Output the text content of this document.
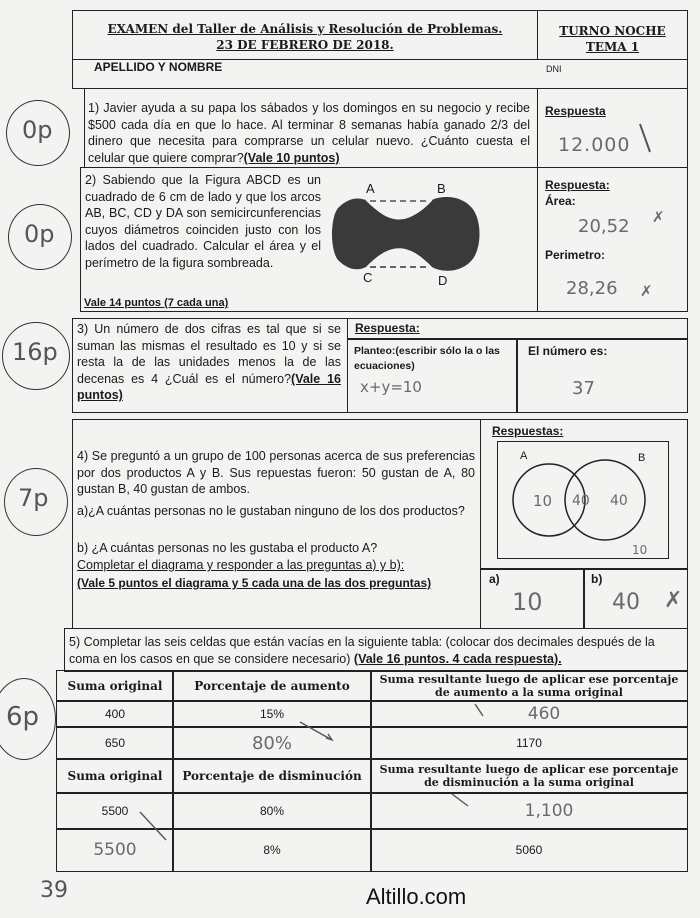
EXAMEN del Taller de Análisis y Resolución de Problemas.
23 DE FEBRERO DE 2018.
TURNO NOCHE
TEMA 1
APELLIDO Y NOMBRE	DNI
1) Javier ayuda a su papa los sábados y los domingos en su negocio y recibe $500 cada día en que lo hace. Al terminar 8 semanas había ganado 2/3 del dinero que necesita para comprarse un celular nuevo. ¿Cuánto cuesta el celular que quiere comprar?(Vale 10 puntos)
Respuesta
12.000
2) Sabiendo que la Figura ABCD es un cuadrado de 6 cm de lado y que los arcos AB, BC, CD y DA son semicircunferencias cuyos diámetros coinciden justo con los lados del cuadrado. Calcular el área y el perímetro de la figura sombreada.
Vale 14 puntos (7 cada una)
A	B
C	D
Respuesta:
Área:
20,52
Perimetro:
28,26
✗
✗
3) Un número de dos cifras es tal que si se suman las mismas el resultado es 10 y si se resta la de las unidades menos la de las decenas es 4 ¿Cuál es el número?(Vale 16 puntos)
Respuesta:
Planteo:(escribir sólo la o las ecuaciones)
El número es:
x+y=10	37
4) Se preguntó a un grupo de 100 personas acerca de sus preferencias por dos productos A y B. Sus repuestas fueron: 50 gustan de A, 80 gustan B, 40 gustan de ambos.
a)¿A cuántas personas no le gustaban ninguno de los dos productos?
b) ¿A cuántas personas no les gustaba el producto A?
Completar el diagrama y responder a las preguntas a) y b):
(Vale 5 puntos el diagrama y 5 cada una de las dos preguntas)
Respuestas:
A	B
10 40 40
10
a)	b)
10	40 ✗
5) Completar las seis celdas que están vacías en la siguiente tabla: (colocar dos decimales después de la coma en los casos en que se considere necesario) (Vale 16 puntos. 4 cada respuesta).
Suma original	Porcentaje de aumento	Suma resultante luego de aplicar ese porcentaje de aumento a la suma original
400	15%	460
650	80%	1170
Suma original	Porcentaje de disminución	Suma resultante luego de aplicar ese porcentaje de disminución a la suma original
5500	80%	1,100
5500	8%	5060
0p
0p
16p
7p
6p
39	Altillo.com
